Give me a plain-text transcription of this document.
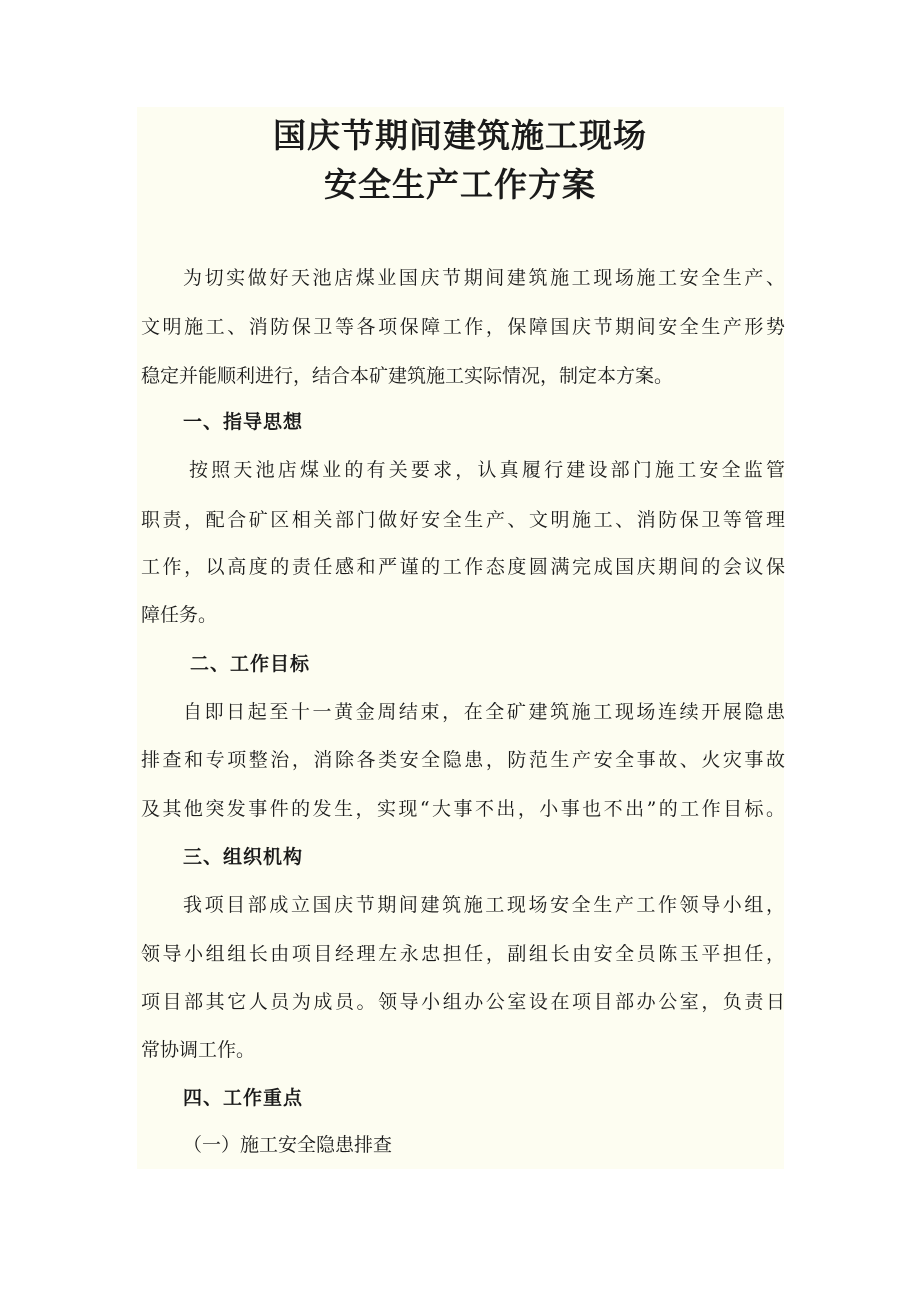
国庆节期间建筑施工现场
安全生产工作方案

为切实做好天池店煤业国庆节期间建筑施工现场施工安全生产、

文明施工、消防保卫等各项保障工作，保障国庆节期间安全生产形势

稳定并能顺利进行，结合本矿建筑施工实际情况，制定本方案。

一、指导思想

按照天池店煤业的有关要求，认真履行建设部门施工安全监管

职责，配合矿区相关部门做好安全生产、文明施工、消防保卫等管理

工作，以高度的责任感和严谨的工作态度圆满完成国庆期间的会议保

障任务。

二、工作目标

自即日起至十一黄金周结束，在全矿建筑施工现场连续开展隐患

排查和专项整治，消除各类安全隐患，防范生产安全事故、火灾事故

及其他突发事件的发生，实现“大事不出，小事也不出”的工作目标。

三、组织机构

我项目部成立国庆节期间建筑施工现场安全生产工作领导小组，

领导小组组长由项目经理左永忠担任，副组长由安全员陈玉平担任，

项目部其它人员为成员。领导小组办公室设在项目部办公室，负责日

常协调工作。

四、工作重点

（一）施工安全隐患排查
